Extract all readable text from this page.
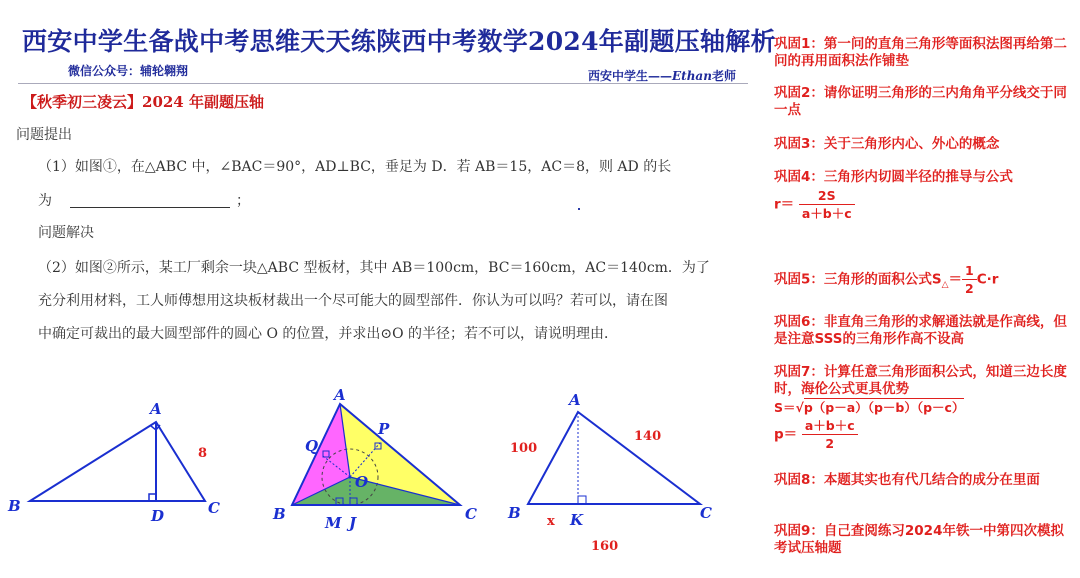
西安中学生备战中考思维天天练陕西中考数学2024年副题压轴解析
微信公众号：辅轮翱翔	西安中学生——Ethan老师
【秋季初三凌云】2024 年副题压轴
问题提出
（1）如图①，在△ABC 中，∠BAC＝90°，AD⊥BC，垂足为 D．若 AB＝15，AC＝8，则 AD 的长
为	；
问题解决
（2）如图②所示，某工厂剩余一块△ABC 型板材，其中 AB＝100cm，BC＝160cm，AC＝140cm．为了
充分利用材料，工人师傅想用这块板材裁出一个尽可能大的圆型部件．你认为可以吗？若可以，请在图
中确定可裁出的最大圆型部件的圆心 O 的位置，并求出⊙O 的半径；若不可以，请说明理由．
A
B	C
D
8
A
B	C
O
P
Q
M J
A
B	C
K
100
140
160
x
巩固1：第一问的直角三角形等面积法图再给第二问的再用面积法作铺垫
巩固2：请你证明三角形的三内角角平分线交于同一点
巩固3：关于三角形内心、外心的概念
巩固4：三角形内切圆半径的推导与公式
$r= \frac{2S}{a+b+c}$
巩固5：三角形的面积公式$S_\triangle= \frac{1}{2} C\cdot r$
巩固6：非直角三角形的求解通法就是作高线，但是注意SSS的三角形作高不设高
巩固7：计算任意三角形面积公式，知道三边长度时，海伦公式更具优势
S＝√p（p－a）（p－b）（p－c）
$p= \frac{a+b+c}{2}$
巩固8：本题其实也有代几结合的成分在里面
巩固9：自己查阅练习2024年铁一中第四次模拟考试压轴题
